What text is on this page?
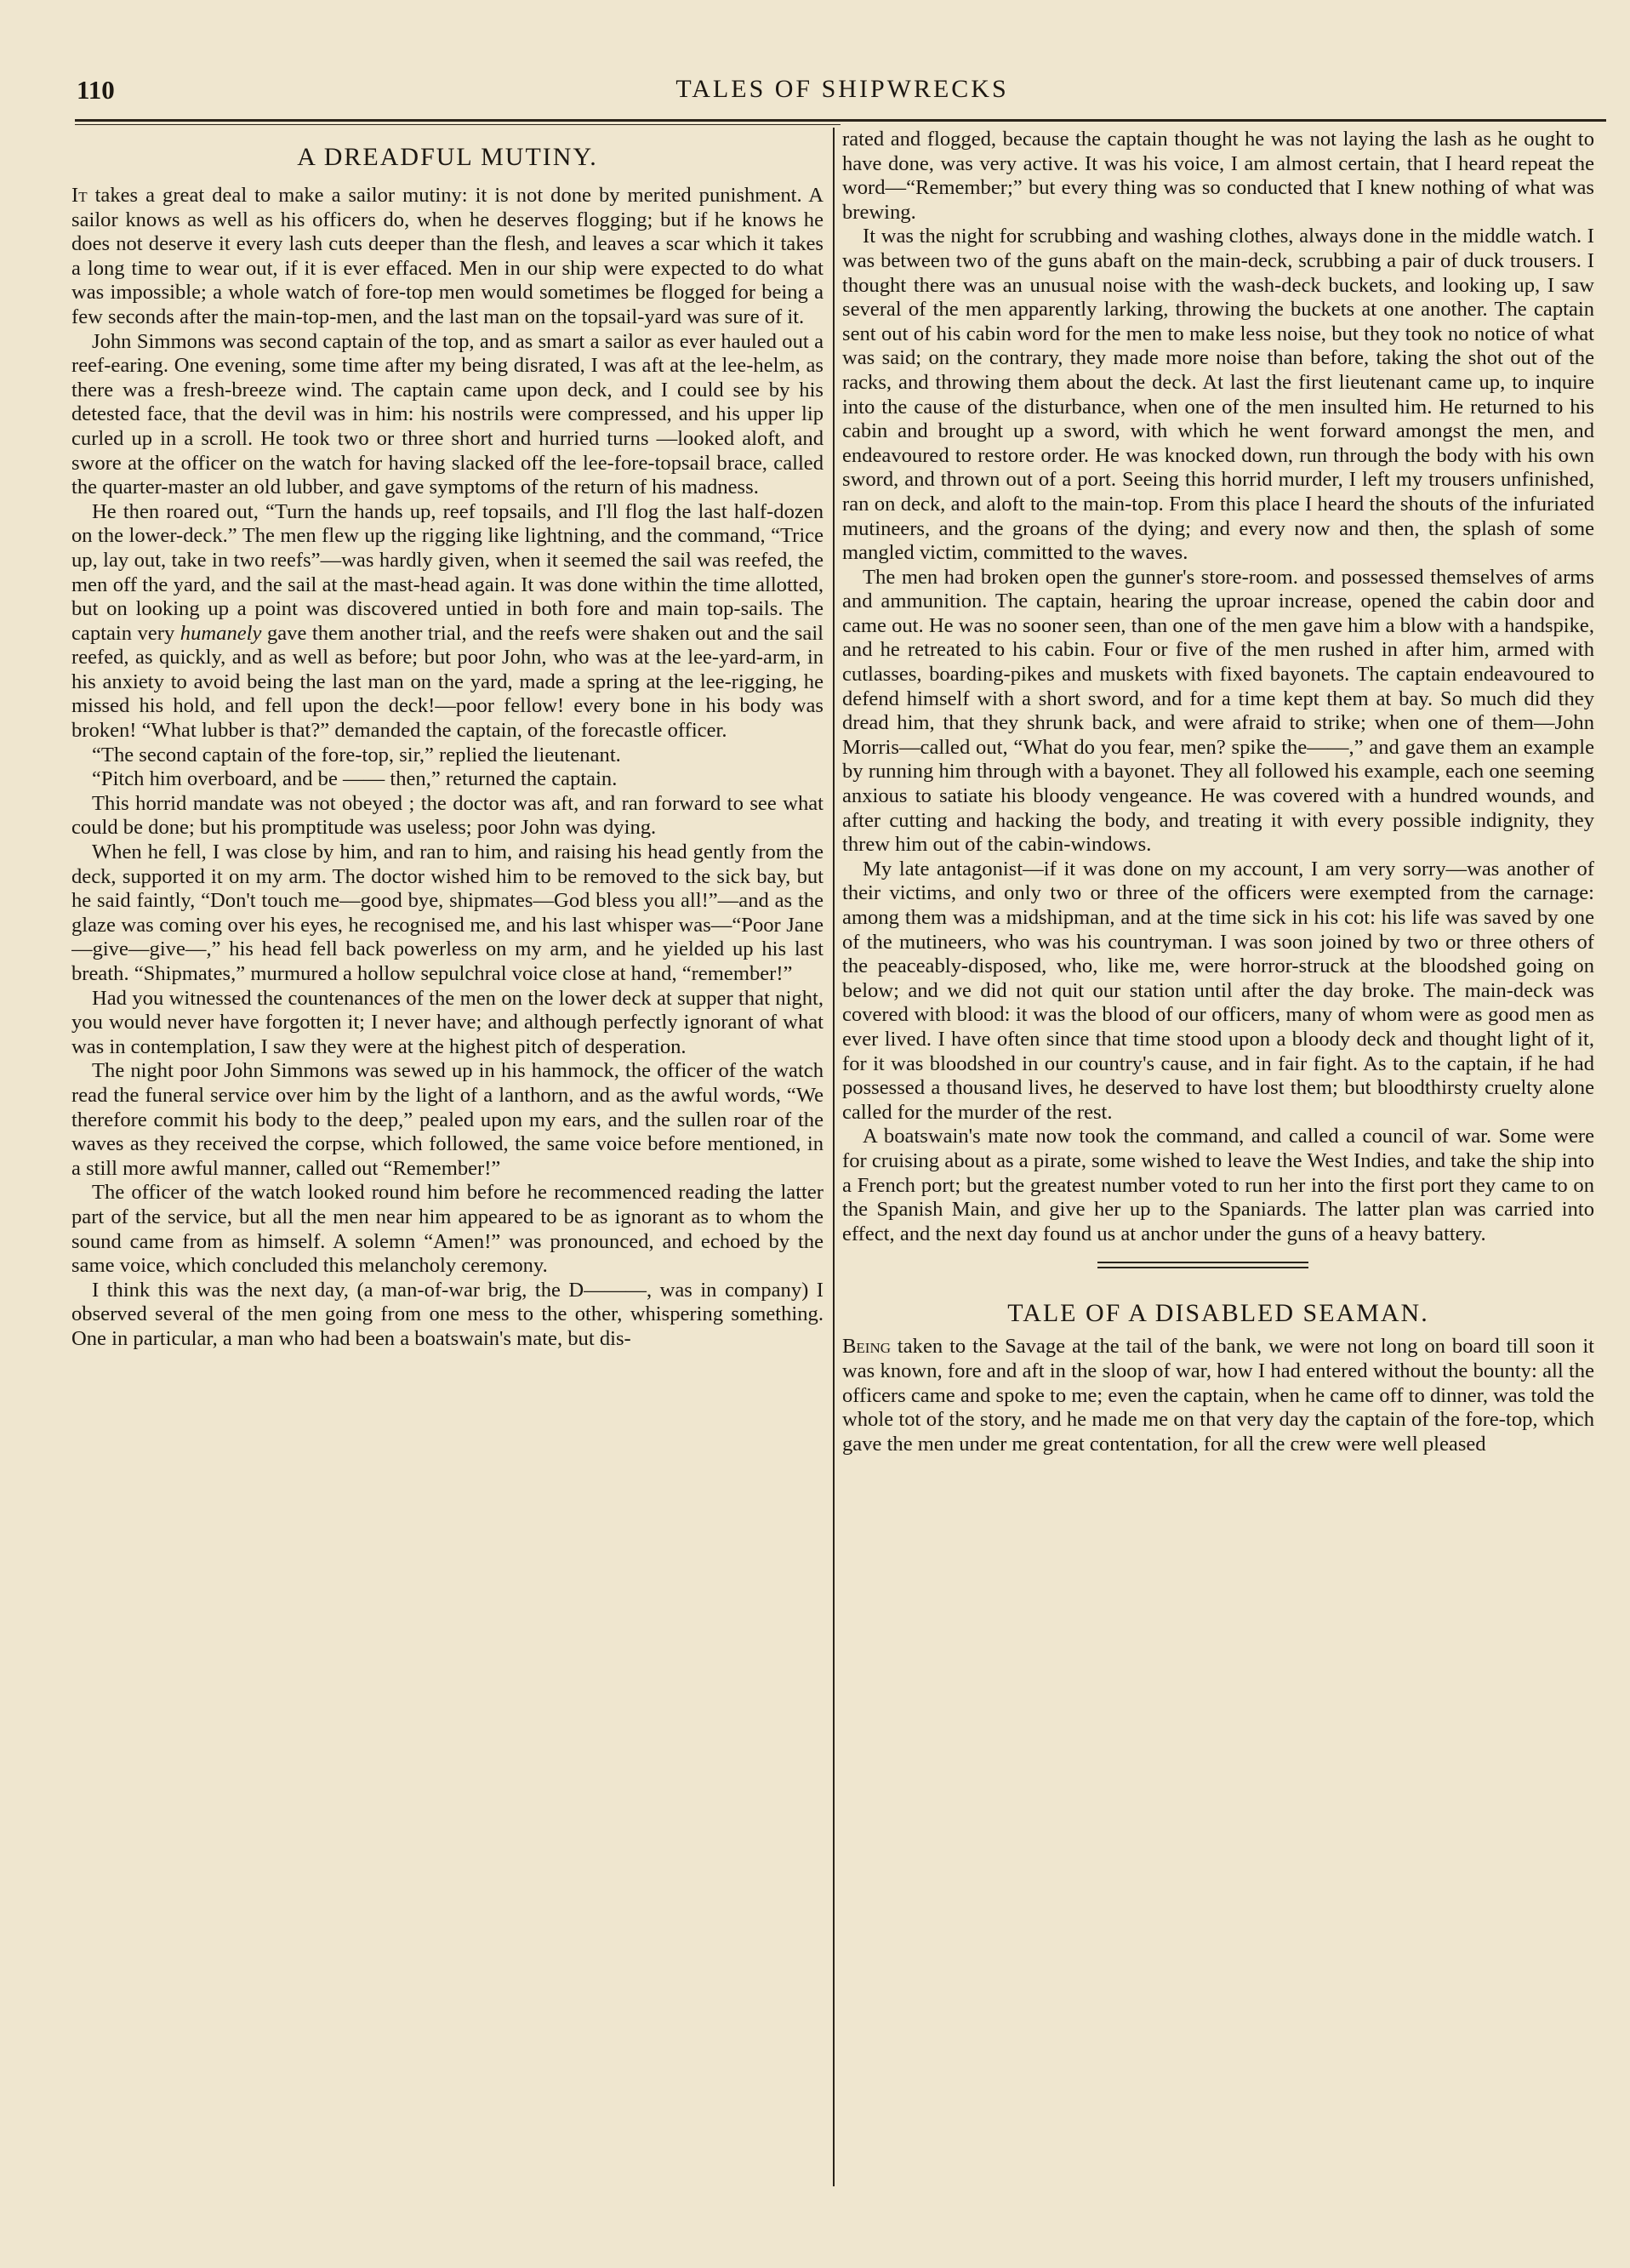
110	TALES OF SHIPWRECKS
A DREADFUL MUTINY.

It takes a great deal to make a sailor mutiny: it is not done by merited punishment. A sailor knows as well as his officers do, when he deserves flogging; but if he knows he does not deserve it every lash cuts deeper than the flesh, and leaves a scar which it takes a long time to wear out, if it is ever effaced. Men in our ship were expected to do what was impossible; a whole watch of fore-top men would sometimes be flogged for being a few seconds after the main-top-men, and the last man on the topsail-yard was sure of it.

John Simmons was second captain of the top, and as smart a sailor as ever hauled out a reef-earing. One evening, some time after my being disrated, I was aft at the lee-helm, as there was a fresh-breeze wind. The captain came upon deck, and I could see by his detested face, that the devil was in him: his nostrils were compressed, and his upper lip curled up in a scroll. He took two or three short and hurried turns —looked aloft, and swore at the officer on the watch for having slacked off the lee-fore-topsail brace, called the quarter-master an old lubber, and gave symptoms of the return of his madness.

He then roared out, “Turn the hands up, reef topsails, and I'll flog the last half-dozen on the lower-deck.” The men flew up the rigging like lightning, and the command, “Trice up, lay out, take in two reefs”—was hardly given, when it seemed the sail was reefed, the men off the yard, and the sail at the mast-head again. It was done within the time allotted, but on looking up a point was discovered untied in both fore and main top-sails. The captain very humanely gave them another trial, and the reefs were shaken out and the sail reefed, as quickly, and as well as before; but poor John, who was at the lee-yard-arm, in his anxiety to avoid being the last man on the yard, made a spring at the lee-rigging, he missed his hold, and fell upon the deck!—poor fellow! every bone in his body was broken! “What lubber is that?” demanded the captain, of the forecastle officer.

“The second captain of the fore-top, sir,” replied the lieutenant.

“Pitch him overboard, and be —— then,” returned the captain.

This horrid mandate was not obeyed ; the doctor was aft, and ran forward to see what could be done; but his promptitude was useless; poor John was dying.

When he fell, I was close by him, and ran to him, and raising his head gently from the deck, supported it on my arm. The doctor wished him to be removed to the sick bay, but he said faintly, “Don't touch me—good bye, shipmates—God bless you all!”—and as the glaze was coming over his eyes, he recognised me, and his last whisper was—“Poor Jane—give—give—,” his head fell back powerless on my arm, and he yielded up his last breath. “Shipmates,” murmured a hollow sepulchral voice close at hand, “remember!”

Had you witnessed the countenances of the men on the lower deck at supper that night, you would never have forgotten it; I never have; and although perfectly ignorant of what was in contemplation, I saw they were at the highest pitch of desperation.

The night poor John Simmons was sewed up in his hammock, the officer of the watch read the funeral service over him by the light of a lanthorn, and as the awful words, “We therefore commit his body to the deep,” pealed upon my ears, and the sullen roar of the waves as they received the corpse, which followed, the same voice before mentioned, in a still more awful manner, called out “Remember!”

The officer of the watch looked round him before he recommenced reading the latter part of the service, but all the men near him appeared to be as ignorant as to whom the sound came from as himself. A solemn “Amen!” was pronounced, and echoed by the same voice, which concluded this melancholy ceremony.

I think this was the next day, (a man-of-war brig, the D———, was in company) I observed several of the men going from one mess to the other, whispering something. One in particular, a man who had been a boatswain's mate, but dis-

rated and flogged, because the captain thought he was not laying the lash as he ought to have done, was very active. It was his voice, I am almost certain, that I heard repeat the word—“Remember;” but every thing was so conducted that I knew nothing of what was brewing.

It was the night for scrubbing and washing clothes, always done in the middle watch. I was between two of the guns abaft on the main-deck, scrubbing a pair of duck trousers. I thought there was an unusual noise with the wash-deck buckets, and looking up, I saw several of the men apparently larking, throwing the buckets at one another. The captain sent out of his cabin word for the men to make less noise, but they took no notice of what was said; on the contrary, they made more noise than before, taking the shot out of the racks, and throwing them about the deck. At last the first lieutenant came up, to inquire into the cause of the disturbance, when one of the men insulted him. He returned to his cabin and brought up a sword, with which he went forward amongst the men, and endeavoured to restore order. He was knocked down, run through the body with his own sword, and thrown out of a port. Seeing this horrid murder, I left my trousers unfinished, ran on deck, and aloft to the main-top. From this place I heard the shouts of the infuriated mutineers, and the groans of the dying; and every now and then, the splash of some mangled victim, committed to the waves.

The men had broken open the gunner's store-room. and possessed themselves of arms and ammunition. The captain, hearing the uproar increase, opened the cabin door and came out. He was no sooner seen, than one of the men gave him a blow with a handspike, and he retreated to his cabin. Four or five of the men rushed in after him, armed with cutlasses, boarding-pikes and muskets with fixed bayonets. The captain endeavoured to defend himself with a short sword, and for a time kept them at bay. So much did they dread him, that they shrunk back, and were afraid to strike; when one of them—John Morris—called out, “What do you fear, men? spike the——,” and gave them an example by running him through with a bayonet. They all followed his example, each one seeming anxious to satiate his bloody vengeance. He was covered with a hundred wounds, and after cutting and hacking the body, and treating it with every possible indignity, they threw him out of the cabin-windows.

My late antagonist—if it was done on my account, I am very sorry—was another of their victims, and only two or three of the officers were exempted from the carnage: among them was a midshipman, and at the time sick in his cot: his life was saved by one of the mutineers, who was his countryman. I was soon joined by two or three others of the peaceably-disposed, who, like me, were horror-struck at the bloodshed going on below; and we did not quit our station until after the day broke. The main-deck was covered with blood: it was the blood of our officers, many of whom were as good men as ever lived. I have often since that time stood upon a bloody deck and thought light of it, for it was bloodshed in our country's cause, and in fair fight. As to the captain, if he had possessed a thousand lives, he deserved to have lost them; but bloodthirsty cruelty alone called for the murder of the rest.

A boatswain's mate now took the command, and called a council of war. Some were for cruising about as a pirate, some wished to leave the West Indies, and take the ship into a French port; but the greatest number voted to run her into the first port they came to on the Spanish Main, and give her up to the Spaniards. The latter plan was carried into effect, and the next day found us at anchor under the guns of a heavy battery.

TALE OF A DISABLED SEAMAN.

Being taken to the Savage at the tail of the bank, we were not long on board till soon it was known, fore and aft in the sloop of war, how I had entered without the bounty: all the officers came and spoke to me; even the captain, when he came off to dinner, was told the whole tot of the story, and he made me on that very day the captain of the fore-top, which gave the men under me great contentation, for all the crew were well pleased
